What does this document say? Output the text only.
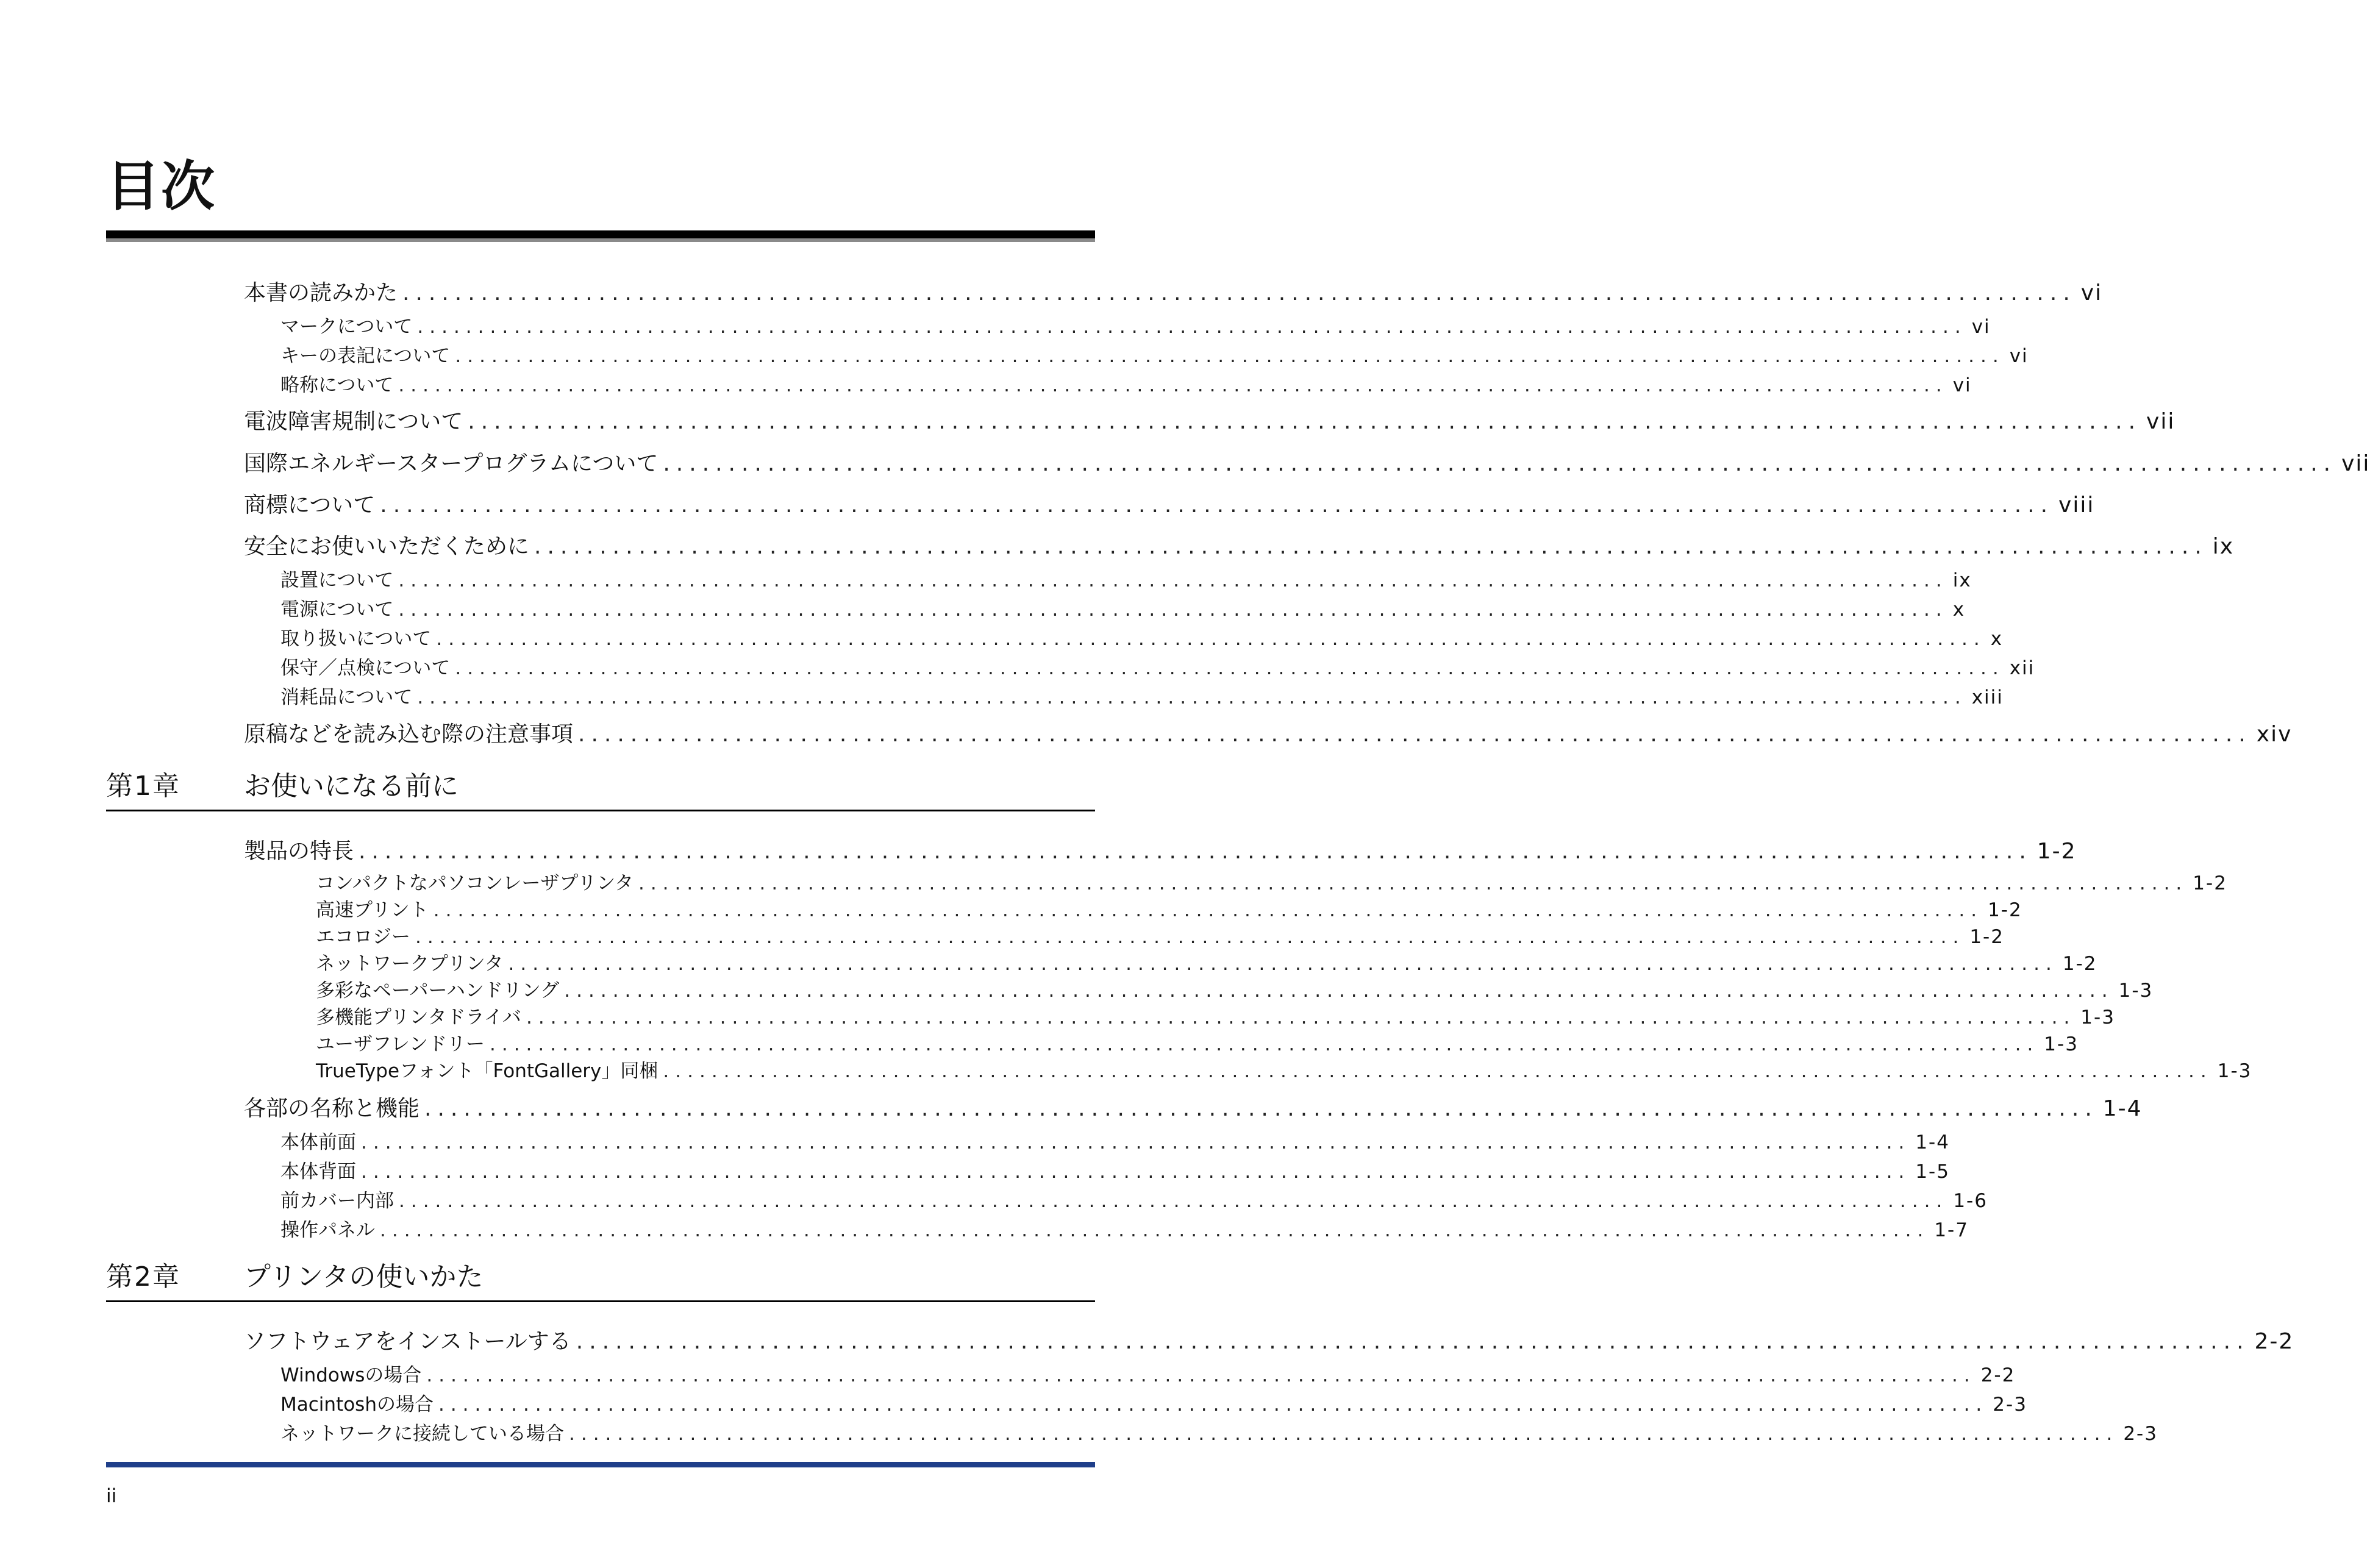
目次
本書の読みかた ................................................................................................................................ vi
マークについて ................................................................................................................................ vi
キーの表記について ................................................................................................................................ vi
略称について ................................................................................................................................ vi
電波障害規制について ................................................................................................................................ vii
国際エネルギースタープログラムについて ................................................................................................................................ vii
商標について ................................................................................................................................ viii
安全にお使いいただくために ................................................................................................................................ ix
設置について ................................................................................................................................ ix
電源について ................................................................................................................................ x
取り扱いについて ................................................................................................................................ x
保守／点検について ................................................................................................................................ xii
消耗品について ................................................................................................................................ xiii
原稿などを読み込む際の注意事項 ................................................................................................................................ xiv
第1章 お使いになる前に
製品の特長 ................................................................................................................................ 1-2
コンパクトなパソコンレーザプリンタ ................................................................................................................................ 1-2
高速プリント ................................................................................................................................ 1-2
エコロジー ................................................................................................................................ 1-2
ネットワークプリンタ ................................................................................................................................ 1-2
多彩なペーパーハンドリング ................................................................................................................................ 1-3
多機能プリンタドライバ ................................................................................................................................ 1-3
ユーザフレンドリー ................................................................................................................................ 1-3
TrueTypeフォント「FontGallery」同梱 ................................................................................................................................ 1-3
各部の名称と機能 ................................................................................................................................ 1-4
本体前面 ................................................................................................................................ 1-4
本体背面 ................................................................................................................................ 1-5
前カバー内部 ................................................................................................................................ 1-6
操作パネル ................................................................................................................................ 1-7
第2章 プリンタの使いかた
ソフトウェアをインストールする ................................................................................................................................ 2-2
Windowsの場合 ................................................................................................................................ 2-2
Macintoshの場合 ................................................................................................................................ 2-3
ネットワークに接続している場合 ................................................................................................................................ 2-3
ii
